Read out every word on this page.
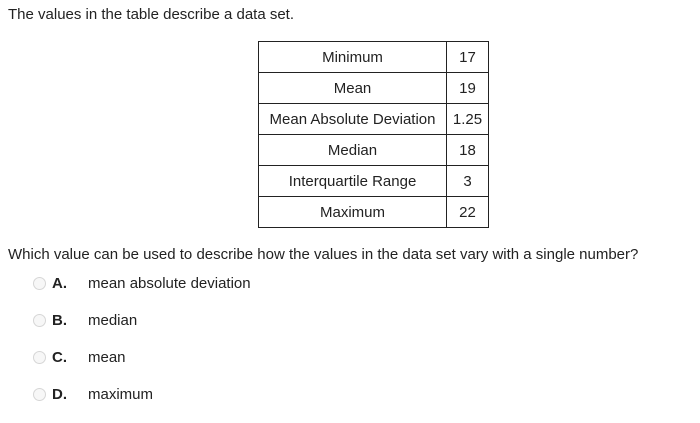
The values in the table describe a data set.
Minimum	17
Mean	19
Mean Absolute Deviation	1.25
Median	18
Interquartile Range	3
Maximum	22
Which value can be used to describe how the values in the data set vary with a single number?
A.	mean absolute deviation
B.	median
C.	mean
D.	maximum
